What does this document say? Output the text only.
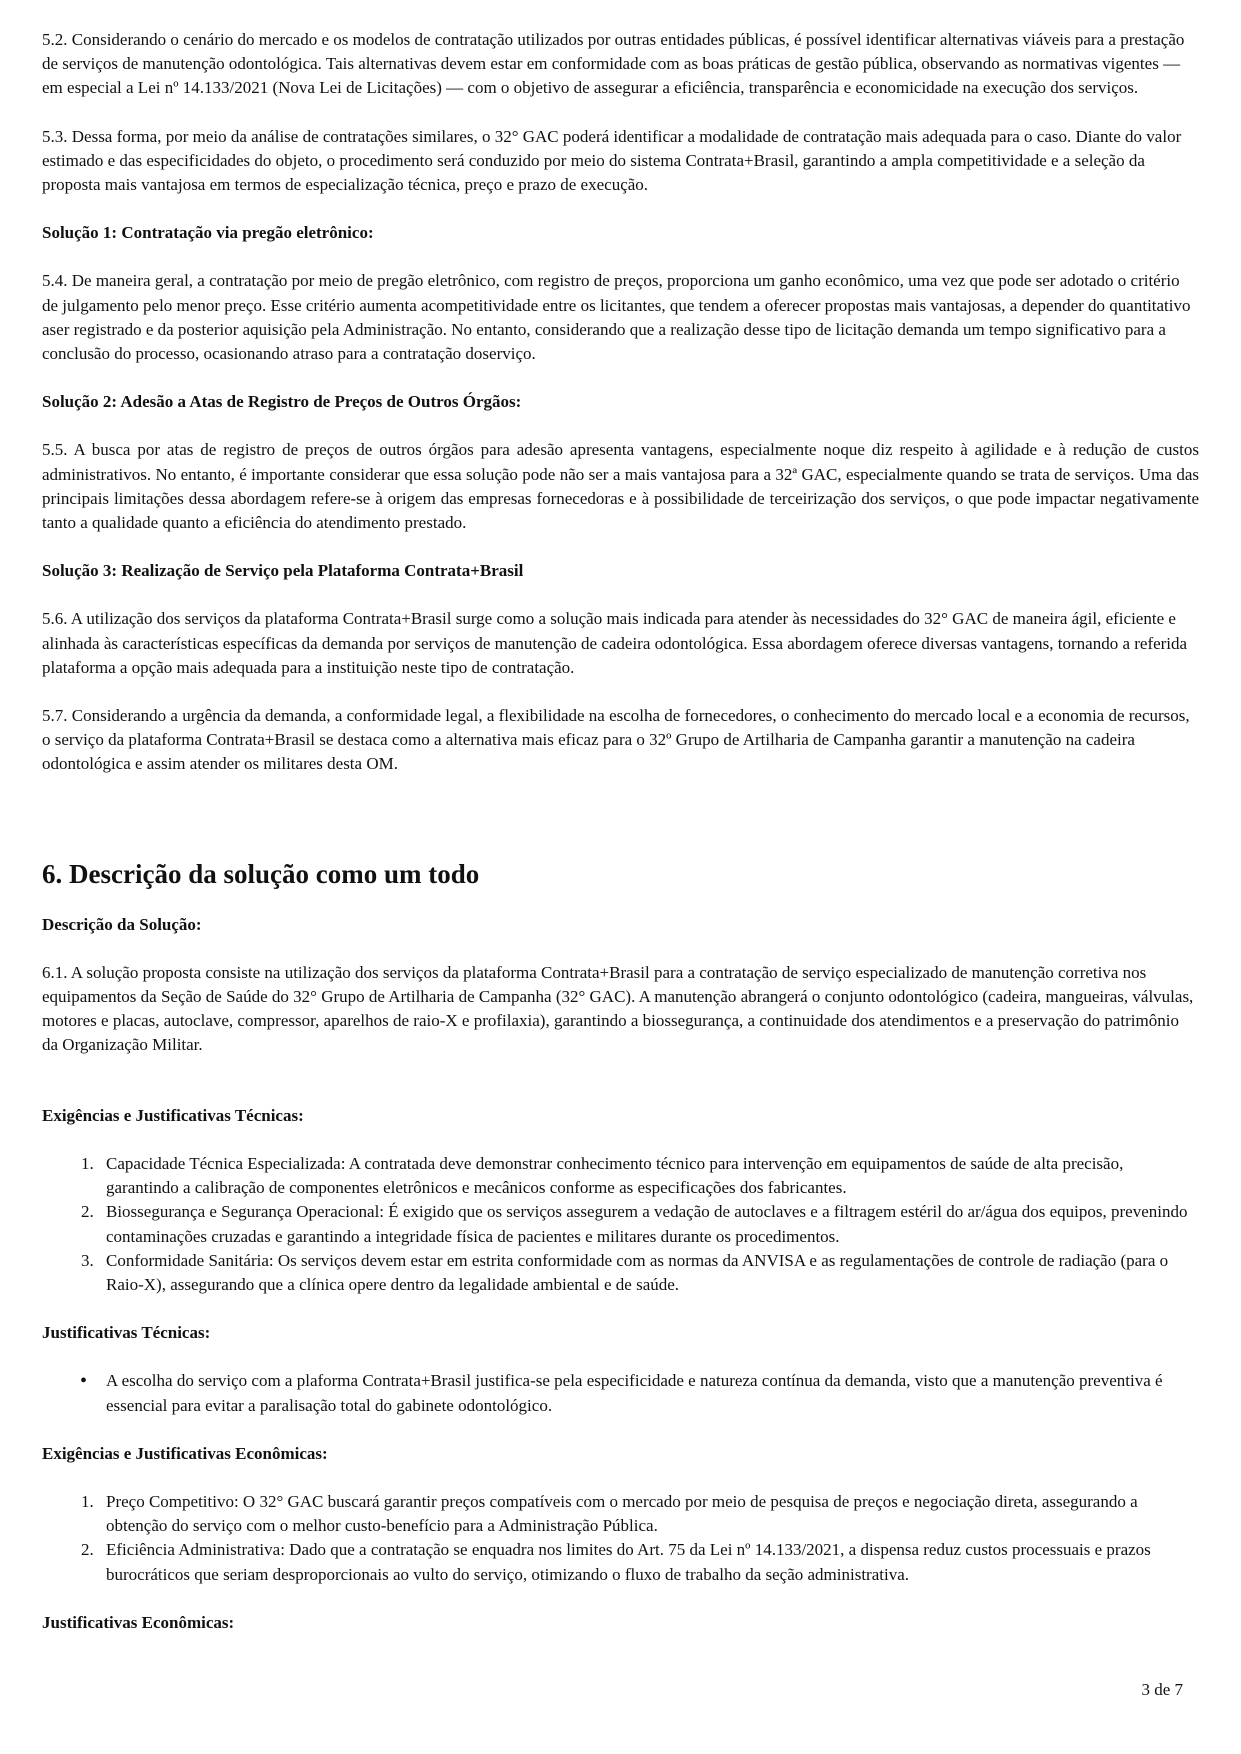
5.2. Considerando o cenário do mercado e os modelos de contratação utilizados por outras entidades públicas, é possível identificar alternativas viáveis para a prestação de serviços de manutenção odontológica. Tais alternativas devem estar em conformidade com as boas práticas de gestão pública, observando as normativas vigentes — em especial a Lei nº 14.133/2021 (Nova Lei de Licitações) — com o objetivo de assegurar a eficiência, transparência e economicidade na execução dos serviços.

5.3. Dessa forma, por meio da análise de contratações similares, o 32° GAC poderá identificar a modalidade de contratação mais adequada para o caso. Diante do valor estimado e das especificidades do objeto, o procedimento será conduzido por meio do sistema Contrata+Brasil, garantindo a ampla competitividade e a seleção da proposta mais vantajosa em termos de especialização técnica, preço e prazo de execução.

Solução 1: Contratação via pregão eletrônico:

5.4. De maneira geral, a contratação por meio de pregão eletrônico, com registro de preços, proporciona um ganho econômico, uma vez que pode ser adotado o critério de julgamento pelo menor preço. Esse critério aumenta acompetitividade entre os licitantes, que tendem a oferecer propostas mais vantajosas, a depender do quantitativo aser registrado e da posterior aquisição pela Administração. No entanto, considerando que a realização desse tipo de licitação demanda um tempo significativo para a conclusão do processo, ocasionando atraso para a contratação doserviço.

Solução 2: Adesão a Atas de Registro de Preços de Outros Órgãos:

5.5. A busca por atas de registro de preços de outros órgãos para adesão apresenta vantagens, especialmente noque diz respeito à agilidade e à redução de custos administrativos. No entanto, é importante considerar que essa solução pode não ser a mais vantajosa para a 32ª GAC, especialmente quando se trata de serviços. Uma das principais limitações dessa abordagem refere-se à origem das empresas fornecedoras e à possibilidade de terceirização dos serviços, o que pode impactar negativamente tanto a qualidade quanto a eficiência do atendimento prestado.

Solução 3: Realização de Serviço pela Plataforma Contrata+Brasil

5.6. A utilização dos serviços da plataforma Contrata+Brasil surge como a solução mais indicada para atender às necessidades do 32° GAC de maneira ágil, eficiente e alinhada às características específicas da demanda por serviços de manutenção de cadeira odontológica. Essa abordagem oferece diversas vantagens, tornando a referida plataforma a opção mais adequada para a instituição neste tipo de contratação.

5.7. Considerando a urgência da demanda, a conformidade legal, a flexibilidade na escolha de fornecedores, o conhecimento do mercado local e a economia de recursos, o serviço da plataforma Contrata+Brasil se destaca como a alternativa mais eficaz para o 32º Grupo de Artilharia de Campanha garantir a manutenção na cadeira odontológica e assim atender os militares desta OM.

6. Descrição da solução como um todo

Descrição da Solução:

6.1. A solução proposta consiste na utilização dos serviços da plataforma Contrata+Brasil para a contratação de serviço especializado de manutenção corretiva nos equipamentos da Seção de Saúde do 32° Grupo de Artilharia de Campanha (32° GAC). A manutenção abrangerá o conjunto odontológico (cadeira, mangueiras, válvulas, motores e placas, autoclave, compressor, aparelhos de raio-X e profilaxia), garantindo a biossegurança, a continuidade dos atendimentos e a preservação do patrimônio da Organização Militar.

Exigências e Justificativas Técnicas:

1. Capacidade Técnica Especializada: A contratada deve demonstrar conhecimento técnico para intervenção em equipamentos de saúde de alta precisão, garantindo a calibração de componentes eletrônicos e mecânicos conforme as especificações dos fabricantes.
2. Biossegurança e Segurança Operacional: É exigido que os serviços assegurem a vedação de autoclaves e a filtragem estéril do ar/água dos equipos, prevenindo contaminações cruzadas e garantindo a integridade física de pacientes e militares durante os procedimentos.
3. Conformidade Sanitária: Os serviços devem estar em estrita conformidade com as normas da ANVISA e as regulamentações de controle de radiação (para o Raio-X), assegurando que a clínica opere dentro da legalidade ambiental e de saúde.

Justificativas Técnicas:

• A escolha do serviço com a plaforma Contrata+Brasil justifica-se pela especificidade e natureza contínua da demanda, visto que a manutenção preventiva é essencial para evitar a paralisação total do gabinete odontológico.

Exigências e Justificativas Econômicas:

1. Preço Competitivo: O 32° GAC buscará garantir preços compatíveis com o mercado por meio de pesquisa de preços e negociação direta, assegurando a obtenção do serviço com o melhor custo-benefício para a Administração Pública.
2. Eficiência Administrativa: Dado que a contratação se enquadra nos limites do Art. 75 da Lei nº 14.133/2021, a dispensa reduz custos processuais e prazos burocráticos que seriam desproporcionais ao vulto do serviço, otimizando o fluxo de trabalho da seção administrativa.

Justificativas Econômicas:

3 de 7
